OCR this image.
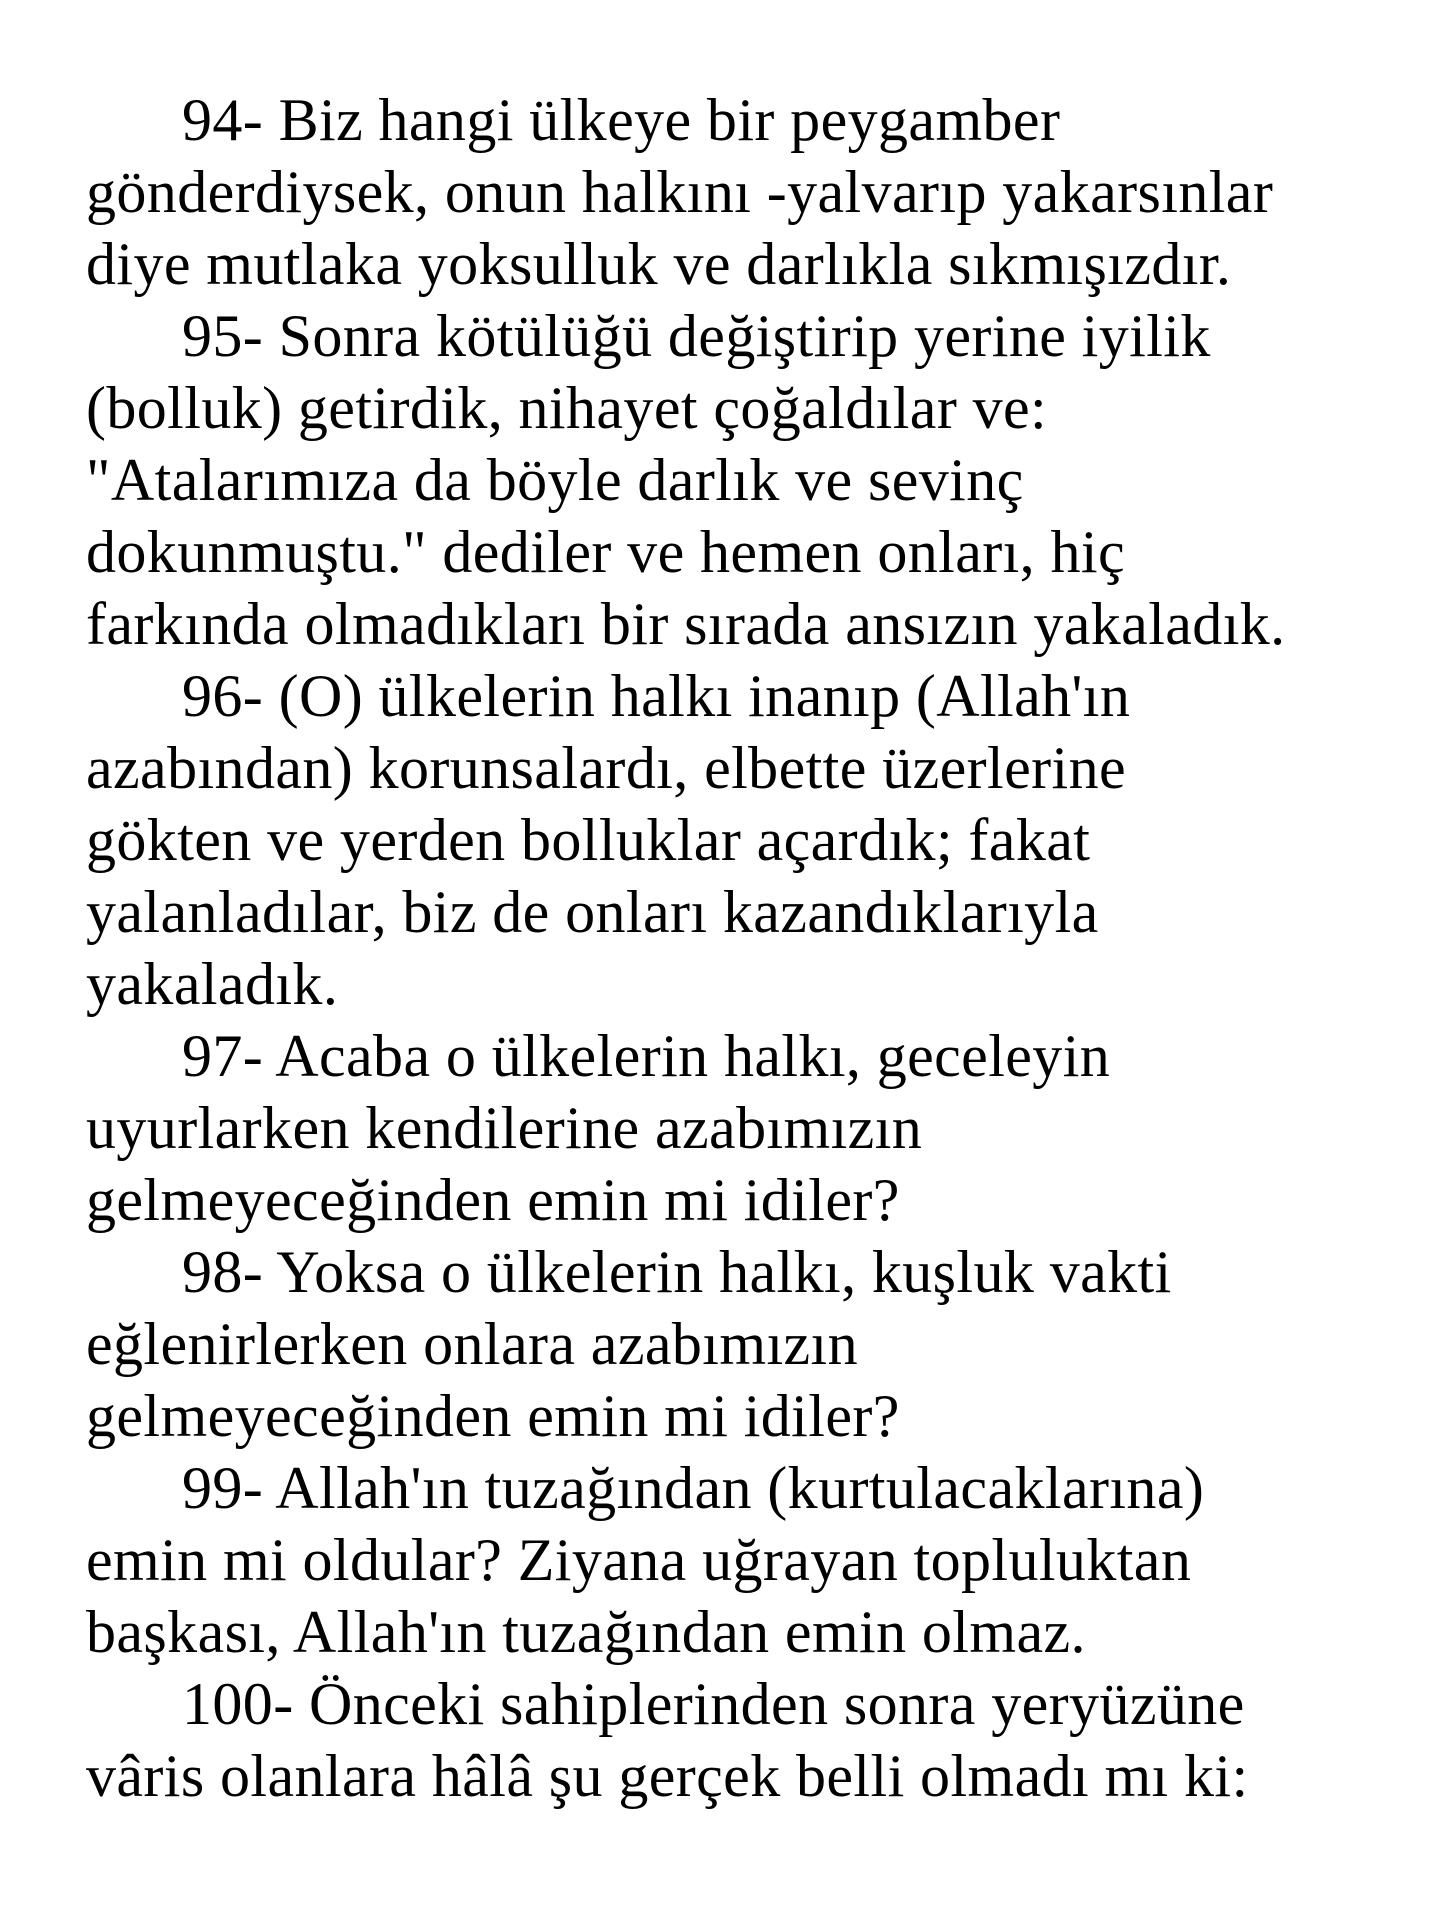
94- Biz hangi ülkeye bir peygamber

gönderdiysek, onun halkını -yalvarıp yakarsınlar

diye mutlaka yoksulluk ve darlıkla sıkmışızdır.

95- Sonra kötülüğü değiştirip yerine iyilik

(bolluk) getirdik, nihayet çoğaldılar ve:

"Atalarımıza da böyle darlık ve sevinç

dokunmuştu." dediler ve hemen onları, hiç

farkında olmadıkları bir sırada ansızın yakaladık.

96- (O) ülkelerin halkı inanıp (Allah'ın

azabından) korunsalardı, elbette üzerlerine

gökten ve yerden bolluklar açardık; fakat

yalanladılar, biz de onları kazandıklarıyla

yakaladık.

97- Acaba o ülkelerin halkı, geceleyin

uyurlarken kendilerine azabımızın

gelmeyeceğinden emin mi idiler?

98- Yoksa o ülkelerin halkı, kuşluk vakti

eğlenirlerken onlara azabımızın

gelmeyeceğinden emin mi idiler?

99- Allah'ın tuzağından (kurtulacaklarına)

emin mi oldular? Ziyana uğrayan topluluktan

başkası, Allah'ın tuzağından emin olmaz.

100- Önceki sahiplerinden sonra yeryüzüne

vâris olanlara hâlâ şu gerçek belli olmadı mı ki:
